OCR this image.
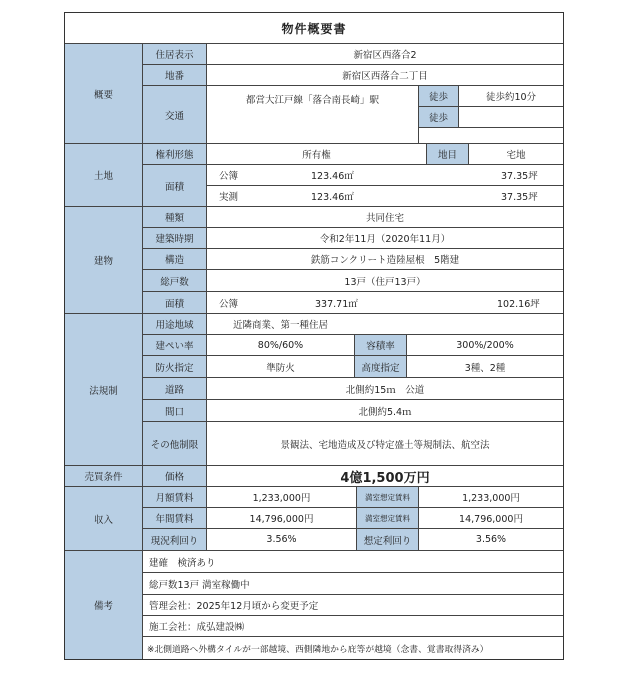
物件概要書
概要
住居表示	新宿区西落合2
地番	新宿区西落合二丁目
交通
都営大江戸線「落合南長崎」駅	徒歩	徒歩約10分
徒歩
土地
権利形態	所有権	地目	宅地
面積
公簿	123.46㎡	37.35坪
実測	123.46㎡	37.35坪
建物
種類	共同住宅
建築時期	令和2年11月（2020年11月）
構造	鉄筋コンクリート造陸屋根　5階建
総戸数	13戸（住戸13戸）
面積	公簿	337.71㎡	102.16坪
法規制
用途地域	近隣商業、第一種住居
建ぺい率	80%/60%	容積率	300%/200%
防火指定	準防火	高度指定	3種、2種
道路	北側約15ｍ　公道
間口	北側約5.4ｍ
その他制限	景観法、宅地造成及び特定盛土等規制法、航空法
売買条件	価格	4億1,500万円
収入
月額賃料	1,233,000円	満室想定賃料	1,233,000円
年間賃料	14,796,000円	満室想定賃料	14,796,000円
現況利回り	3.56%	想定利回り	3.56%
備考
建確　検済あり
総戸数13戸 満室稼働中
管理会社：2025年12月頃から変更予定
施工会社：成弘建設㈱
※北側道路へ外構タイルが一部越境、西側隣地から庇等が越境（念書、覚書取得済み）
